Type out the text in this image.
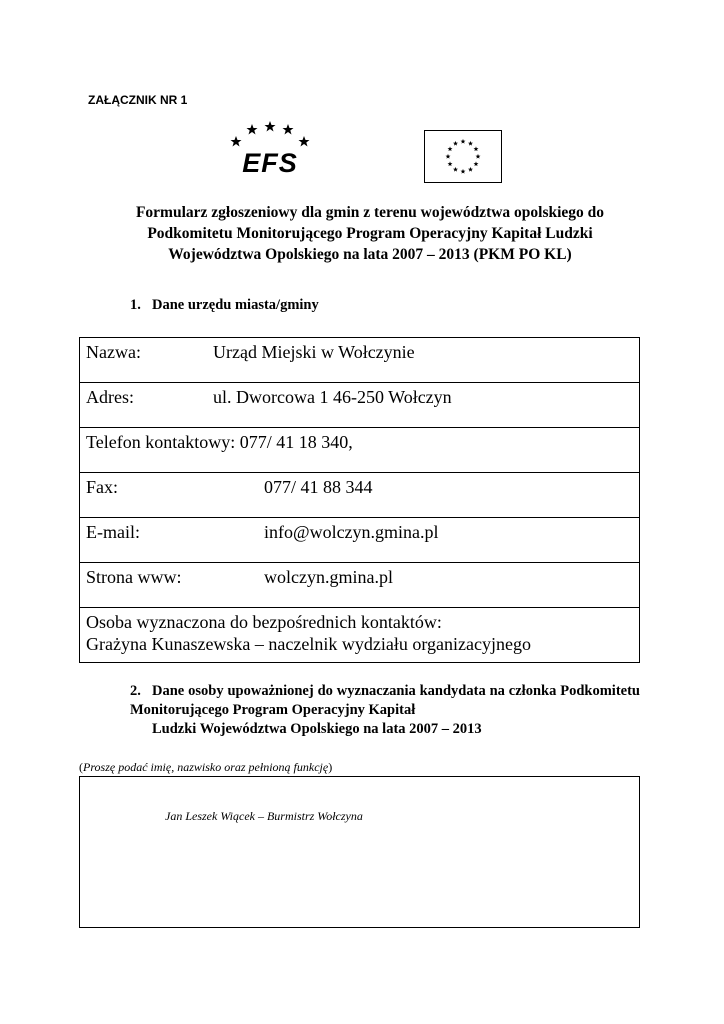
ZAŁĄCZNIK NR 1
EFS
Formularz zgłoszeniowy dla gmin z terenu województwa opolskiego do
Podkomitetu Monitorującego Program Operacyjny Kapitał Ludzki
Województwa Opolskiego na lata 2007 – 2013 (PKM PO KL)
1. Dane urzędu miasta/gminy
Nazwa:	Urząd Miejski w Wołczynie

Adres:	ul. Dworcowa 1 46-250 Wołczyn

Telefon kontaktowy: 077/ 41 18 340,

Fax:	077/ 41 88 344

E-mail:	info@wolczyn.gmina.pl

Strona www:	wolczyn.gmina.pl

Osoba wyznaczona do bezpośrednich kontaktów:
Grażyna Kunaszewska – naczelnik wydziału organizacyjnego
2. Dane osoby upoważnionej do wyznaczania kandydata na członka Podkomitetu Monitorującego Program Operacyjny Kapitał
Ludzki Województwa Opolskiego na lata 2007 – 2013
(Proszę podać imię, nazwisko oraz pełnioną funkcję)
Jan Leszek Wiącek – Burmistrz Wołczyna
